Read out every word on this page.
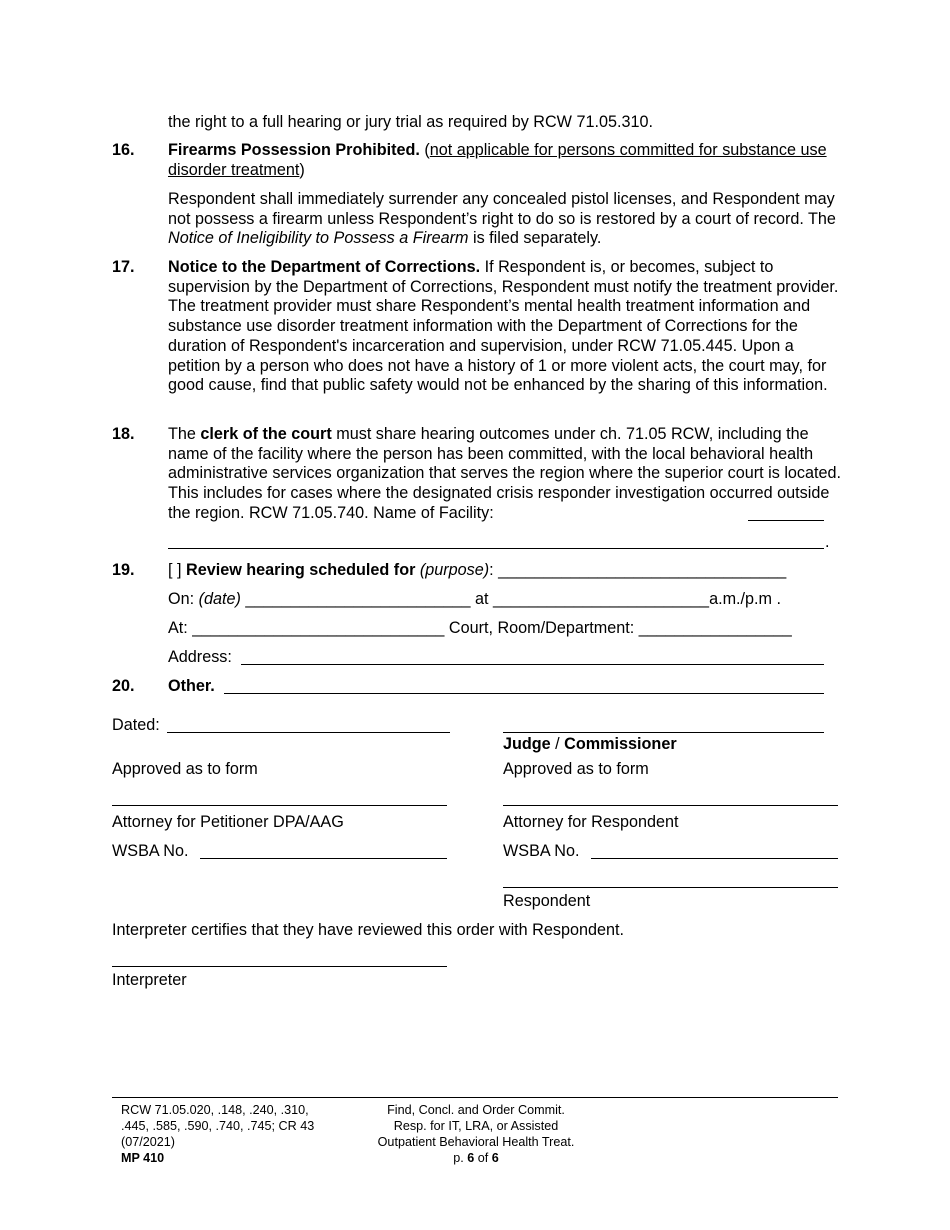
the right to a full hearing or jury trial as required by RCW 71.05.310.
16. Firearms Possession Prohibited. (not applicable for persons committed for substance use disorder treatment)
Respondent shall immediately surrender any concealed pistol licenses, and Respondent may not possess a firearm unless Respondent’s right to do so is restored by a court of record. The Notice of Ineligibility to Possess a Firearm is filed separately.
17. Notice to the Department of Corrections. If Respondent is, or becomes, subject to supervision by the Department of Corrections, Respondent must notify the treatment provider. The treatment provider must share Respondent’s mental health treatment information and substance use disorder treatment information with the Department of Corrections for the duration of Respondent's incarceration and supervision, under RCW 71.05.445. Upon a petition by a person who does not have a history of 1 or more violent acts, the court may, for good cause, find that public safety would not be enhanced by the sharing of this information.
18. The clerk of the court must share hearing outcomes under ch. 71.05 RCW, including the name of the facility where the person has been committed, with the local behavioral health administrative services organization that serves the region where the superior court is located. This includes for cases where the designated crisis responder investigation occurred outside the region. RCW 71.05.740. Name of Facility:
.
19. [ ] Review hearing scheduled for (purpose): ________________________________
On: (date) _________________________ at ________________________a.m./p.m .
At: ____________________________ Court, Room/Department: _________________
Address:
20. Other.
Dated:
Judge / Commissioner
Approved as to form	Approved as to form
Attorney for Petitioner DPA/AAG	Attorney for Respondent
WSBA No.	WSBA No.
Respondent
Interpreter certifies that they have reviewed this order with Respondent.
Interpreter
RCW 71.05.020, .148, .240, .310,
.445, .585, .590, .740, .745; CR 43
(07/2021)
MP 410
Find, Concl. and Order Commit.
Resp. for IT, LRA, or Assisted
Outpatient Behavioral Health Treat.
p. 6 of 6
